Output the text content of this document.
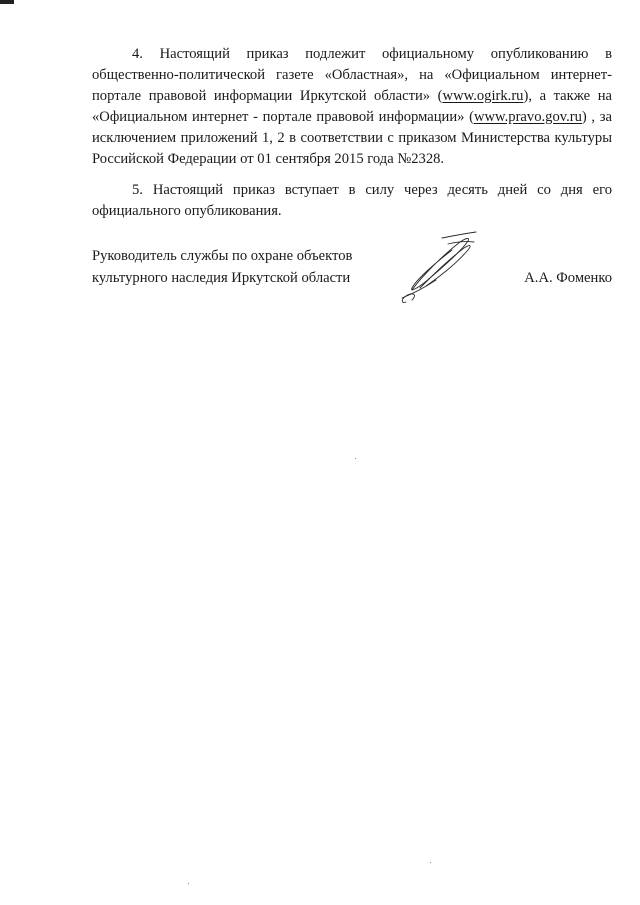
4. Настоящий приказ подлежит официальному опубликованию в общественно-политической газете «Областная», на «Официальном интернет-портале правовой информации Иркутской области» (www.ogirk.ru), а также на «Официальном интернет - портале правовой информации» (www.pravo.gov.ru) , за исключением приложений 1, 2 в соответствии с приказом Министерства культуры Российской Федерации от 01 сентября 2015 года №2328.

5. Настоящий приказ вступает в силу через десять дней со дня его официального опубликования.

Руководитель службы по охране объектов
культурного наследия Иркутской области	А.А. Фоменко
